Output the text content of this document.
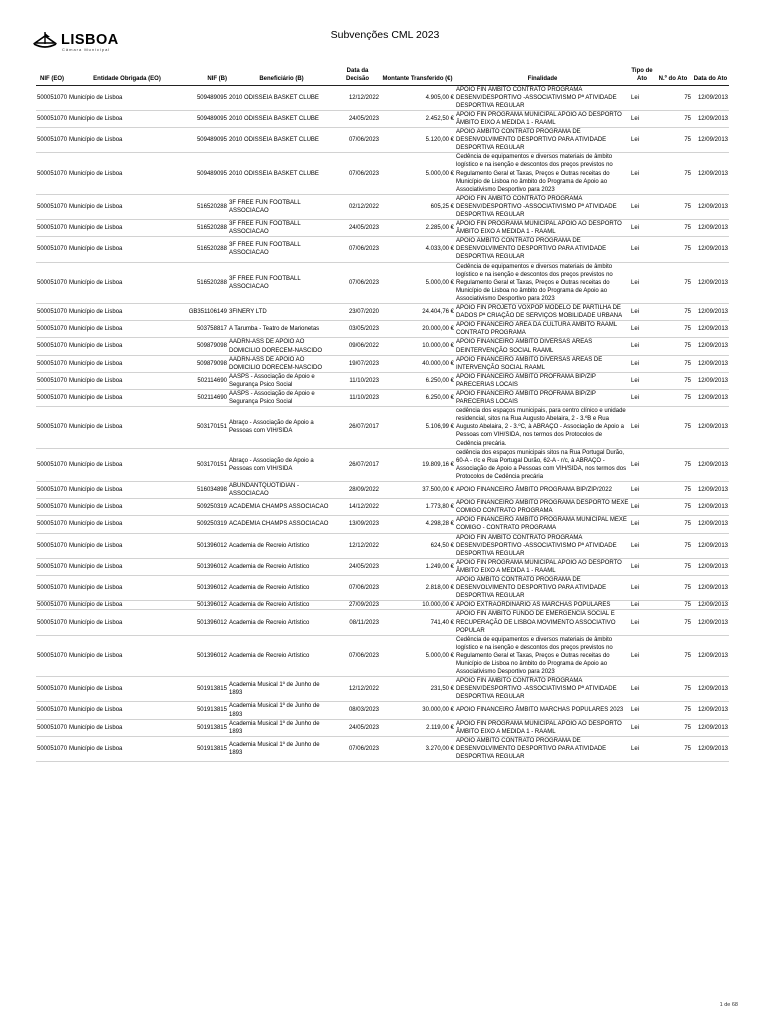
LISBOA
Câmara Municipal
Subvenções CML 2023
NIF (EO)	Entidade Obrigada (EO)	NIF (B)	Beneficiário (B)	Data da Decisão	Montante Transferido (€)	Finalidade	Tipo de Ato	N.º do Ato	Data do Ato
500051070	Município de Lisboa	509489095	2010 ODISSEIA BASKET CLUBE	12/12/2022	4.905,00 €	APOIO FIN ÂMBITO CONTRATO PROGRAMA DESENV/DESPORTIVO -ASSOCIATIVISMO Pª ATIVIDADE DESPORTIVA REGULAR	Lei	75	12/09/2013
500051070	Município de Lisboa	509489095	2010 ODISSEIA BASKET CLUBE	24/05/2023	2.452,50 €	APOIO FIN PROGRAMA MUNICIPAL APOIO AO DESPORTO ÂMBITO EIXO A MEDIDA 1 - RAAML	Lei	75	12/09/2013
500051070	Município de Lisboa	509489095	2010 ODISSEIA BASKET CLUBE	07/06/2023	5.120,00 €	APOIO ÂMBITO CONTRATO PROGRAMA DE DESENVOLVIMENTO DESPORTIVO PARA ATIVIDADE DESPORTIVA REGULAR	Lei	75	12/09/2013
500051070	Município de Lisboa	509489095	2010 ODISSEIA BASKET CLUBE	07/06/2023	5.000,00 €	Cedência de equipamentos e diversos materiais de âmbito logístico e na isenção e descontos dos preços previstos no Regulamento Geral et Taxas, Preços e Outras receitas do Município de Lisboa no âmbito do Programa de Apoio ao Associativismo Desportivo para 2023	Lei	75	12/09/2013
500051070	Município de Lisboa	516520288	3F FREE FUN FOOTBALL ASSOCIACAO	02/12/2022	605,25 €	APOIO FIN ÂMBITO CONTRATO PROGRAMA DESENV/DESPORTIVO -ASSOCIATIVISMO Pª ATIVIDADE DESPORTIVA REGULAR	Lei	75	12/09/2013
500051070	Município de Lisboa	516520288	3F FREE FUN FOOTBALL ASSOCIACAO	24/05/2023	2.285,00 €	APOIO FIN PROGRAMA MUNICIPAL APOIO AO DESPORTO ÂMBITO EIXO A MEDIDA 1 - RAAML	Lei	75	12/09/2013
500051070	Município de Lisboa	516520288	3F FREE FUN FOOTBALL ASSOCIACAO	07/06/2023	4.033,00 €	APOIO ÂMBITO CONTRATO PROGRAMA DE DESENVOLVIMENTO DESPORTIVO PARA ATIVIDADE DESPORTIVA REGULAR	Lei	75	12/09/2013
500051070	Município de Lisboa	516520288	3F FREE FUN FOOTBALL ASSOCIACAO	07/06/2023	5.000,00 €	Cedência de equipamentos e diversos materiais de âmbito logístico e na isenção e descontos dos preços previstos no Regulamento Geral et Taxas, Preços e Outras receitas do Município de Lisboa no âmbito do Programa de Apoio ao Associativismo Desportivo para 2023	Lei	75	12/09/2013
500051070	Município de Lisboa	GB351106149	3FINERY LTD	23/07/2020	24.404,76 €	APOIO FIN PROJETO VOXPOP MODELO DE PARTILHA DE DADOS Pª CRIAÇÃO DE SERVIÇOS MOBILIDADE URBANA	Lei	75	12/09/2013
500051070	Município de Lisboa	503758817	A Tarumba - Teatro de Marionetas	03/05/2023	20.000,00 €	APOIO FINANCEIRO ÁREA DA CULTURA ÂMBITO RAAML CONTRATO PROGRAMA	Lei	75	12/09/2013
500051070	Município de Lisboa	509879098	AADRN-ASS DE APOIO AO DOMICILIO DORECEM-NASCIDO	09/06/2022	10.000,00 €	APOIO FINANCEIRO ÂMBITO DIVERSAS ÁREAS DEINTERVENÇÃO SOCIAL RAAML	Lei	75	12/09/2013
500051070	Município de Lisboa	509879098	AADRN-ASS DE APOIO AO DOMICILIO DORECEM-NASCIDO	19/07/2023	40.000,00 €	APOIO FINANCEIRO ÂMBITO DIVERSAS ÁREAS DE INTERVENÇÃO SOCIAL RAAML	Lei	75	12/09/2013
500051070	Município de Lisboa	502114690	AASPS - Associação de Apoio e Segurança Psico Social	11/10/2023	6.250,00 €	APOIO FINANCEIRO ÂMBITO PROFRAMA BIP/ZIP PARECERIAS LOCAIS	Lei	75	12/09/2013
500051070	Município de Lisboa	502114690	AASPS - Associação de Apoio e Segurança Psico Social	11/10/2023	6.250,00 €	APOIO FINANCEIRO ÂMBITO PROFRAMA BIP/ZIP PARECERIAS LOCAIS	Lei	75	12/09/2013
500051070	Município de Lisboa	503170151	Abraço - Associação de Apoio a Pessoas com VIH/SIDA	26/07/2017	5.106,99 €	cedência dos espaços municipais, para centro clínico e unidade residencial, sitos na Rua Augusto Abelaira, 2 - 3.ºB e Rua Augusto Abelaira, 2 - 3.ºC, à ABRAÇO - Associação de Apoio a Pessoas com VIH/SIDA, nos termos dos Protocolos de Cedência precária.	Lei	75	12/09/2013
500051070	Município de Lisboa	503170151	Abraço - Associação de Apoio a Pessoas com VIH/SIDA	26/07/2017	19.809,16 €	cedência dos espaços municipais sitos na Rua Portugal Durão, 60-A - r/c e Rua Portugal Durão, 62-A - r/c, à ABRAÇO - Associação de Apoio a Pessoas com VIH/SIDA, nos termos dos Protocolos de Cedência precária	Lei	75	12/09/2013
500051070	Município de Lisboa	516034898	ABUNDANTQUOTIDIAN - ASSOCIACAO	28/09/2022	37.500,00 €	APOIO FINANCEIRO ÂMBITO PROGRAMA BIP/ZIP/2022	Lei	75	12/09/2013
500051070	Município de Lisboa	509250319	ACADEMIA CHAMPS ASSOCIACAO	14/12/2022	1.773,80 €	APOIO FINANCEIRO ÂMBITO PROGRAMA DESPORTO MEXE COMIGO CONTRATO PROGRAMA	Lei	75	12/09/2013
500051070	Município de Lisboa	509250319	ACADEMIA CHAMPS ASSOCIACAO	13/09/2023	4.298,28 €	APOIO FINANCEIRO ÂMBITO PROGRAMA MUNICIPAL MEXE COMIGO - CONTRATO PROGRAMA	Lei	75	12/09/2013
500051070	Município de Lisboa	501396012	Academia de Recreio Artístico	12/12/2022	624,50 €	APOIO FIN ÂMBITO CONTRATO PROGRAMA DESENV/DESPORTIVO -ASSOCIATIVISMO Pª ATIVIDADE DESPORTIVA REGULAR	Lei	75	12/09/2013
500051070	Município de Lisboa	501396012	Academia de Recreio Artístico	24/05/2023	1.249,00 €	APOIO FIN PROGRAMA MUNICIPAL APOIO AO DESPORTO ÂMBITO EIXO A MEDIDA 1 - RAAML	Lei	75	12/09/2013
500051070	Município de Lisboa	501396012	Academia de Recreio Artístico	07/06/2023	2.818,00 €	APOIO ÂMBITO CONTRATO PROGRAMA DE DESENVOLVIMENTO DESPORTIVO PARA ATIVIDADE DESPORTIVA REGULAR	Lei	75	12/09/2013
500051070	Município de Lisboa	501396012	Academia de Recreio Artístico	27/09/2023	10.000,00 €	APOIO EXTRAORDINÁRIO ÀS MARCHAS POPULARES	Lei	75	12/09/2013
500051070	Município de Lisboa	501396012	Academia de Recreio Artístico	08/11/2023	741,40 €	APOIO FIN ÂMBITO FUNDO DE EMERGÊNCIA SOCIAL E RECUPERAÇÃO DE LISBOA MOVIMENTO ASSOCIATIVO POPULAR	Lei	75	12/09/2013
500051070	Município de Lisboa	501396012	Academia de Recreio Artístico	07/06/2023	5.000,00 €	Cedência de equipamentos e diversos materiais de âmbito logístico e na isenção e descontos dos preços previstos no Regulamento Geral et Taxas, Preços e Outras receitas do Município de Lisboa no âmbito do Programa de Apoio ao Associativismo Desportivo para 2023	Lei	75	12/09/2013
500051070	Município de Lisboa	501913815	Academia Musical 1º de Junho de 1893	12/12/2022	231,50 €	APOIO FIN ÂMBITO CONTRATO PROGRAMA DESENV/DESPORTIVO -ASSOCIATIVISMO Pª ATIVIDADE DESPORTIVA REGULAR	Lei	75	12/09/2013
500051070	Município de Lisboa	501913815	Academia Musical 1º de Junho de 1893	08/03/2023	30.000,00 €	APOIO FINANCEIRO ÂMBITO MARCHAS POPULARES 2023	Lei	75	12/09/2013
500051070	Município de Lisboa	501913815	Academia Musical 1º de Junho de 1893	24/05/2023	2.119,00 €	APOIO FIN PROGRAMA MUNICIPAL APOIO AO DESPORTO ÂMBITO EIXO A MEDIDA 1 - RAAML	Lei	75	12/09/2013
500051070	Município de Lisboa	501913815	Academia Musical 1º de Junho de 1893	07/06/2023	3.270,00 €	APOIO ÂMBITO CONTRATO PROGRAMA DE DESENVOLVIMENTO DESPORTIVO PARA ATIVIDADE DESPORTIVA REGULAR	Lei	75	12/09/2013
1 de 68
